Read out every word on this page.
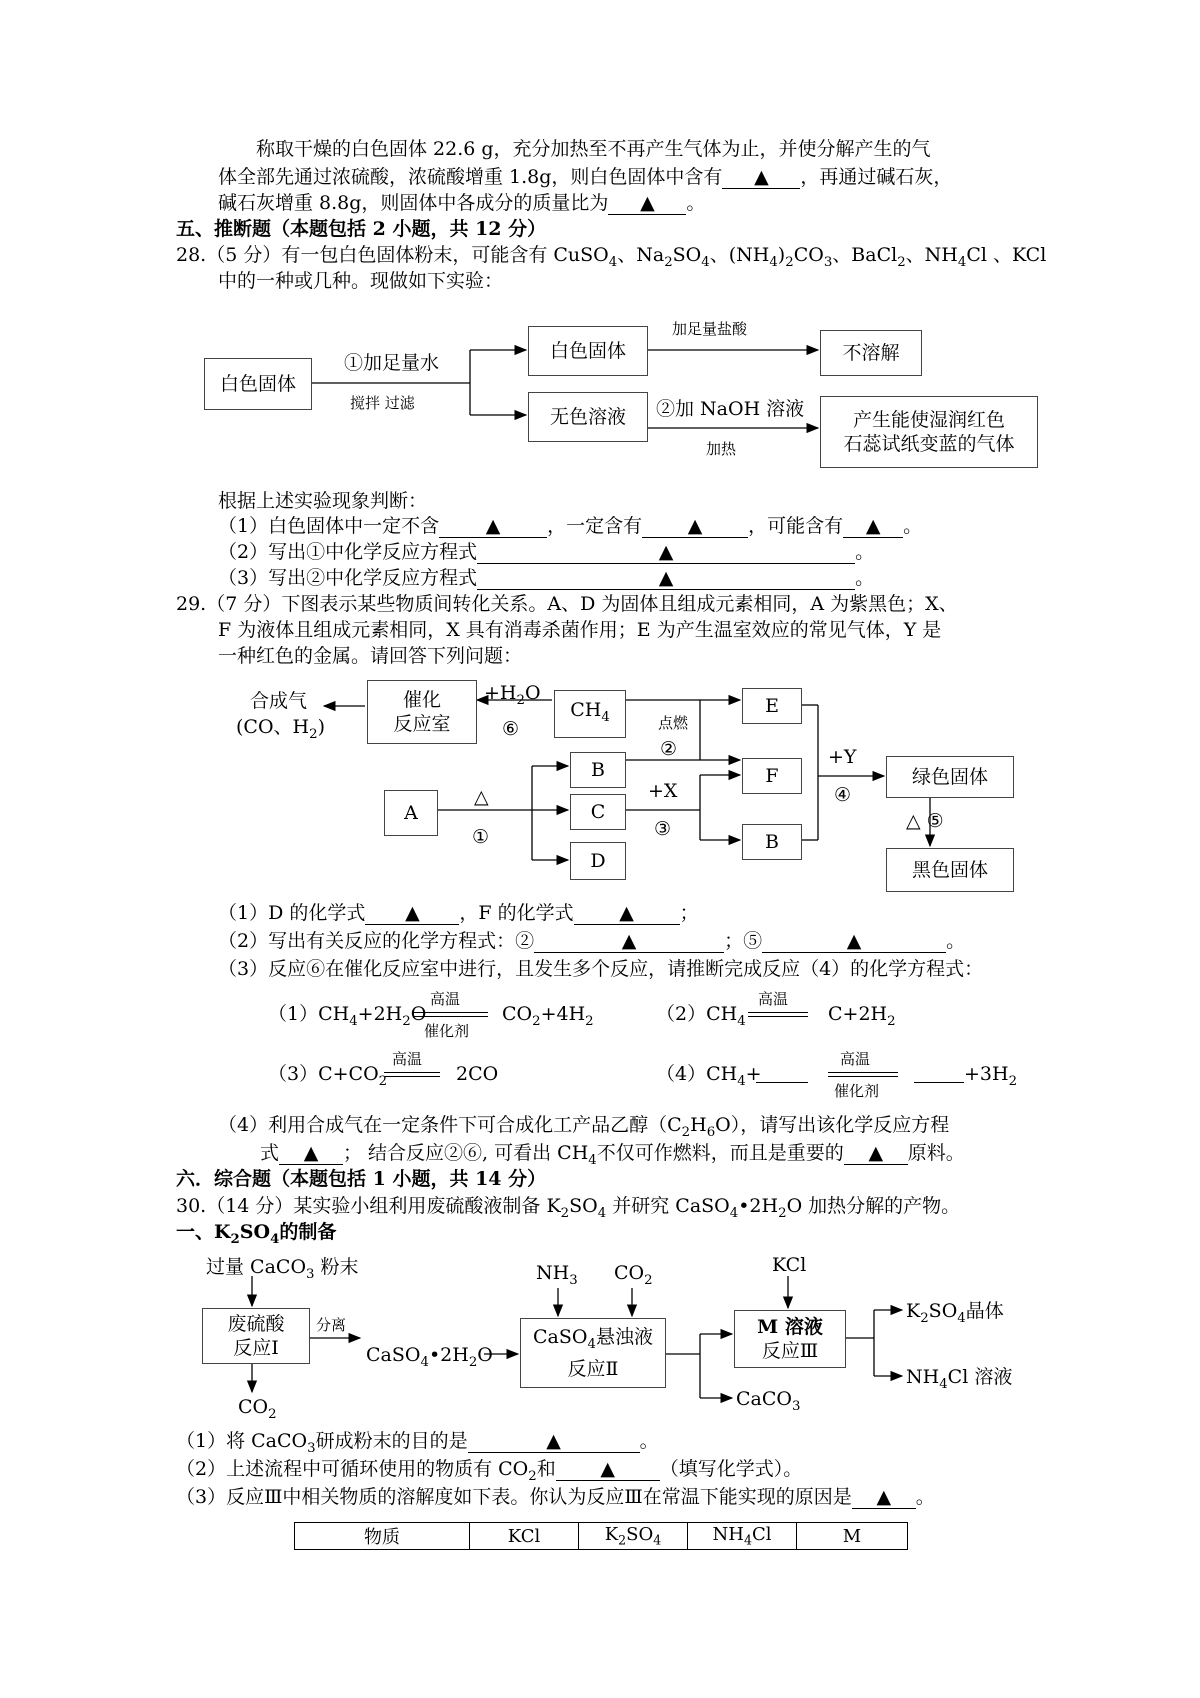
称取干燥的白色固体 22.6 g，充分加热至不再产生气体为止，并使分解产生的气
体全部先通过浓硫酸，浓硫酸增重 1.8g，则白色固体中含有 ▲ ，再通过碱石灰，
碱石灰增重 8.8g，则固体中各成分的质量比为 ▲ 。
五、推断题（本题包括 2 小题，共 12 分）
28.（5 分）有一包白色固体粉末，可能含有 CuSO$_4$、$Na_2SO_4$、$(NH_4)_2CO_3$、BaCl$_2$、$NH_4Cl$ 、KCl
中的一种或几种。现做如下实验：
白色固体
①加足量水
搅拌 过滤
白色固体
无色溶液
加足量盐酸
不溶解
②加 NaOH 溶液
加热
产生能使湿润红色
石蕊试纸变蓝的气体
根据上述实验现象判断：
（1）白色固体中一定不含 ▲ ，一定含有 ▲ ，可能含有 ▲ 。
（2）写出①中化学反应方程式	▲	。
（3）写出②中化学反应方程式	▲	。
29.（7 分）下图表示某些物质间转化关系。A、D 为固体且组成元素相同，A 为紫黑色；X、
F 为液体且组成元素相同，X 具有消毒杀菌作用；E 为产生温室效应的常见气体，Y 是
一种红色的金属。请回答下列问题：
合成气
(CO、$H_2$)
催化
反应室
$+H_2O$
⑥
$CH_4$	点燃
②
E
F
B
B
C
D
A
△
①
+X
③
+Y
④
绿色固体
△ ⑤
黑色固体
（1）D 的化学式 ▲ ，F 的化学式 ▲ ；
（2）写出有关反应的化学方程式：②	▲	；⑤	▲	。
（3）反应⑥在催化反应室中进行，且发生多个反应，请推断完成反应（4）的化学方程式：
$(1)CH_4+2H_2O$
高温
催化剂
$CO_2+4H_2$	$(2)CH_4$
高温
$C+2H_2$
$(3)C+CO_2$
高温
2CO	$(4)CH_4+$
高温
催化剂
$+3H_2$
（4）利用合成气在一定条件下可合成化工产品乙醇$(C_2H_6O)$，请写出该化学反应方程
式 ▲ ； 结合反应②⑥, 可看出 $CH_4$不仅可作燃料，而且是重要的 ▲ 原料。
六．综合题（本题包括 1 小题，共 14 分）
30.（14 分）某实验小组利用废硫酸液制备 $K_2SO_4$ 并研究 $CaSO_4•2H_2O$ 加热分解的产物。
一、$K_2SO_4$的制备
过量 CaCO$_3$ 粉末
废硫酸
反应Ⅰ
分离
$CaSO_4•2H_2O$
$CO_2$
$NH_3$ $CO_2$
CaSO$_4$悬浊液
反应Ⅱ
CaCO$_3$
KCl
M 溶液
反应Ⅲ
$K_2SO_4$晶体
$NH_4Cl$ 溶液
（1）将 CaCO$_3$研成粉末的目的是	▲	。
（2）上述流程中可循环使用的物质有 $CO_2$和 ▲ （填写化学式）。
（3）反应Ⅲ中相关物质的溶解度如下表。你认为反应Ⅲ在常温下能实现的原因是 ▲ 。
物质	KCl	$K_2SO_4$	$NH_4Cl$	M
